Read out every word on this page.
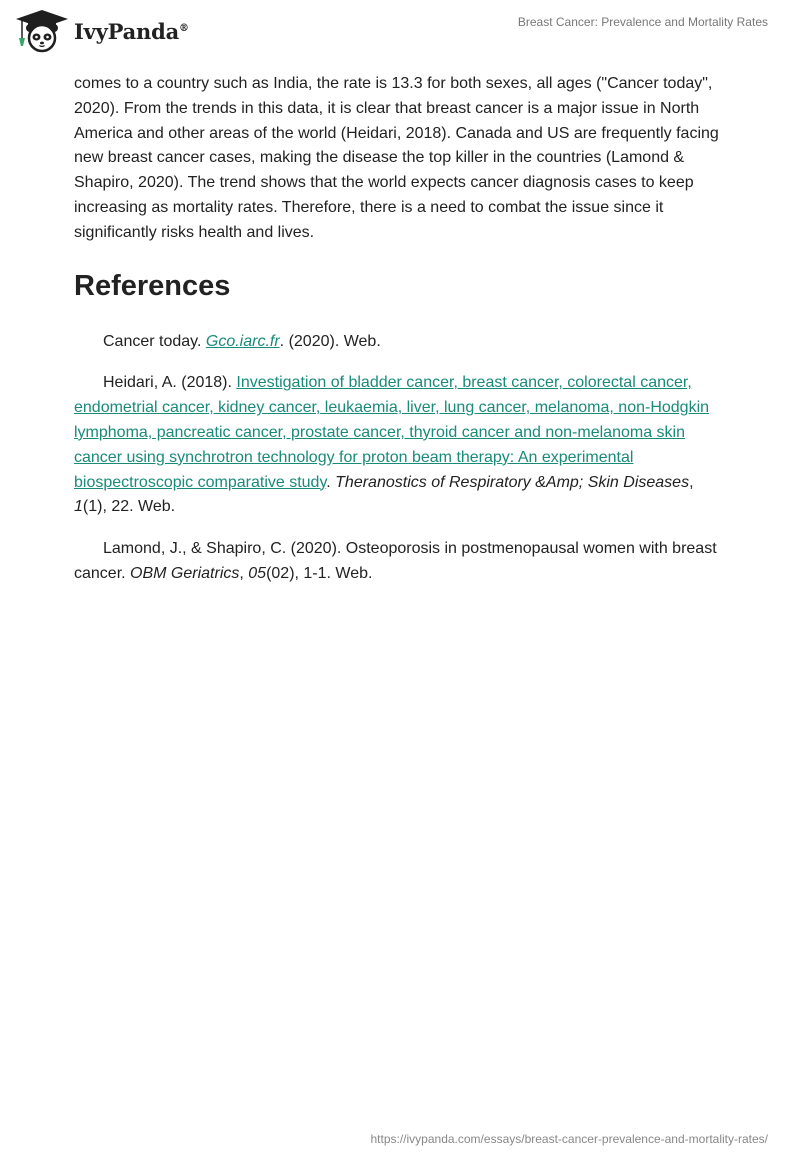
IvyPanda®	Breast Cancer: Prevalence and Mortality Rates

comes to a country such as India, the rate is 13.3 for both sexes, all ages ("Cancer today", 2020). From the trends in this data, it is clear that breast cancer is a major issue in North America and other areas of the world (Heidari, 2018). Canada and US are frequently facing new breast cancer cases, making the disease the top killer in the countries (Lamond & Shapiro, 2020). The trend shows that the world expects cancer diagnosis cases to keep increasing as mortality rates. Therefore, there is a need to combat the issue since it significantly risks health and lives.

References

Cancer today. Gco.iarc.fr. (2020). Web.

Heidari, A. (2018). Investigation of bladder cancer, breast cancer, colorectal cancer, endometrial cancer, kidney cancer, leukaemia, liver, lung cancer, melanoma, non-Hodgkin lymphoma, pancreatic cancer, prostate cancer, thyroid cancer and non-melanoma skin cancer using synchrotron technology for proton beam therapy: An experimental biospectroscopic comparative study. Theranostics of Respiratory &Amp; Skin Diseases, 1(1), 22. Web.

Lamond, J., & Shapiro, C. (2020). Osteoporosis in postmenopausal women with breast cancer. OBM Geriatrics, 05(02), 1-1. Web.

https://ivypanda.com/essays/breast-cancer-prevalence-and-mortality-rates/
